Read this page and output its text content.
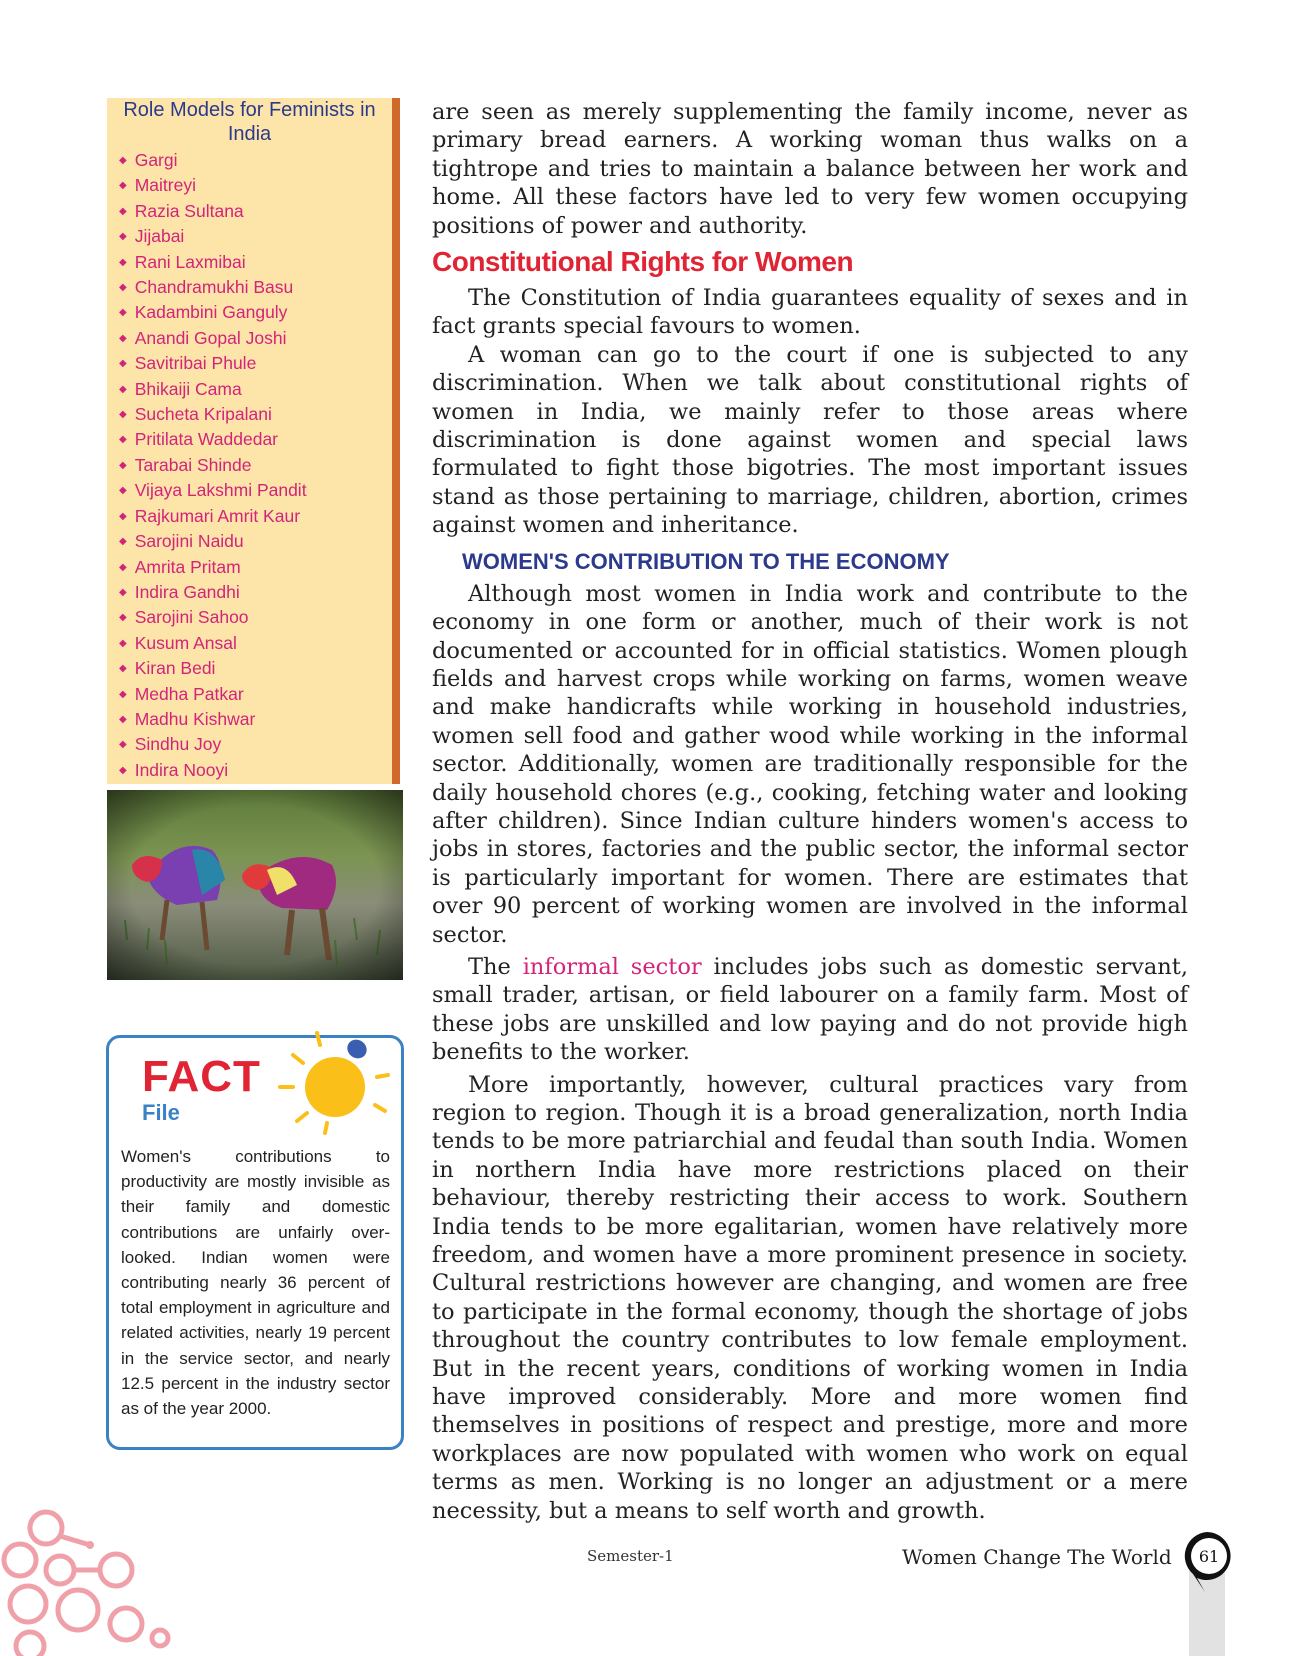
Role Models for Feminists in India

◆ Gargi
◆ Maitreyi
◆ Razia Sultana
◆ Jijabai
◆ Rani Laxmibai
◆ Chandramukhi Basu
◆ Kadambini Ganguly
◆ Anandi Gopal Joshi
◆ Savitribai Phule
◆ Bhikaiji Cama
◆ Sucheta Kripalani
◆ Pritilata Waddedar
◆ Tarabai Shinde
◆ Vijaya Lakshmi Pandit
◆ Rajkumari Amrit Kaur
◆ Sarojini Naidu
◆ Amrita Pritam
◆ Indira Gandhi
◆ Sarojini Sahoo
◆ Kusum Ansal
◆ Kiran Bedi
◆ Medha Patkar
◆ Madhu Kishwar
◆ Sindhu Joy
◆ Indira Nooyi
FACT
File

Women's contributions to productivity are mostly invisible as their family and domestic contributions are unfairly over-looked. Indian women were contributing nearly 36 percent of total employment in agriculture and related activities, nearly 19 percent in the service sector, and nearly 12.5 percent in the industry sector as of the year 2000.

are seen as merely supplementing the family income, never as primary bread earners. A working woman thus walks on a tightrope and tries to maintain a balance between her work and home. All these factors have led to very few women occupying positions of power and authority.

Constitutional Rights for Women

The Constitution of India guarantees equality of sexes and in fact grants special favours to women.

A woman can go to the court if one is subjected to any discrimination. When we talk about constitutional rights of women in India, we mainly refer to those areas where discrimination is done against women and special laws formulated to fight those bigotries. The most important issues stand as those pertaining to marriage, children, abortion, crimes against women and inheritance.

WOMEN'S CONTRIBUTION TO THE ECONOMY

Although most women in India work and contribute to the economy in one form or another, much of their work is not documented or accounted for in official statistics. Women plough fields and harvest crops while working on farms, women weave and make handicrafts while working in household industries, women sell food and gather wood while working in the informal sector. Additionally, women are traditionally responsible for the daily household chores (e.g., cooking, fetching water and looking after children). Since Indian culture hinders women's access to jobs in stores, factories and the public sector, the informal sector is particularly important for women. There are estimates that over 90 percent of working women are involved in the informal sector.

The informal sector includes jobs such as domestic servant, small trader, artisan, or field labourer on a family farm. Most of these jobs are unskilled and low paying and do not provide high benefits to the worker.

More importantly, however, cultural practices vary from region to region. Though it is a broad generalization, north India tends to be more patriarchial and feudal than south India. Women in northern India have more restrictions placed on their behaviour, thereby restricting their access to work. Southern India tends to be more egalitarian, women have relatively more freedom, and women have a more prominent presence in society. Cultural restrictions however are changing, and women are free to participate in the formal economy, though the shortage of jobs throughout the country contributes to low female employment. But in the recent years, conditions of working women in India have improved considerably. More and more women find themselves in positions of respect and prestige, more and more workplaces are now populated with women who work on equal terms as men. Working is no longer an adjustment or a mere necessity, but a means to self worth and growth.

Semester-1	Women Change The World 61
